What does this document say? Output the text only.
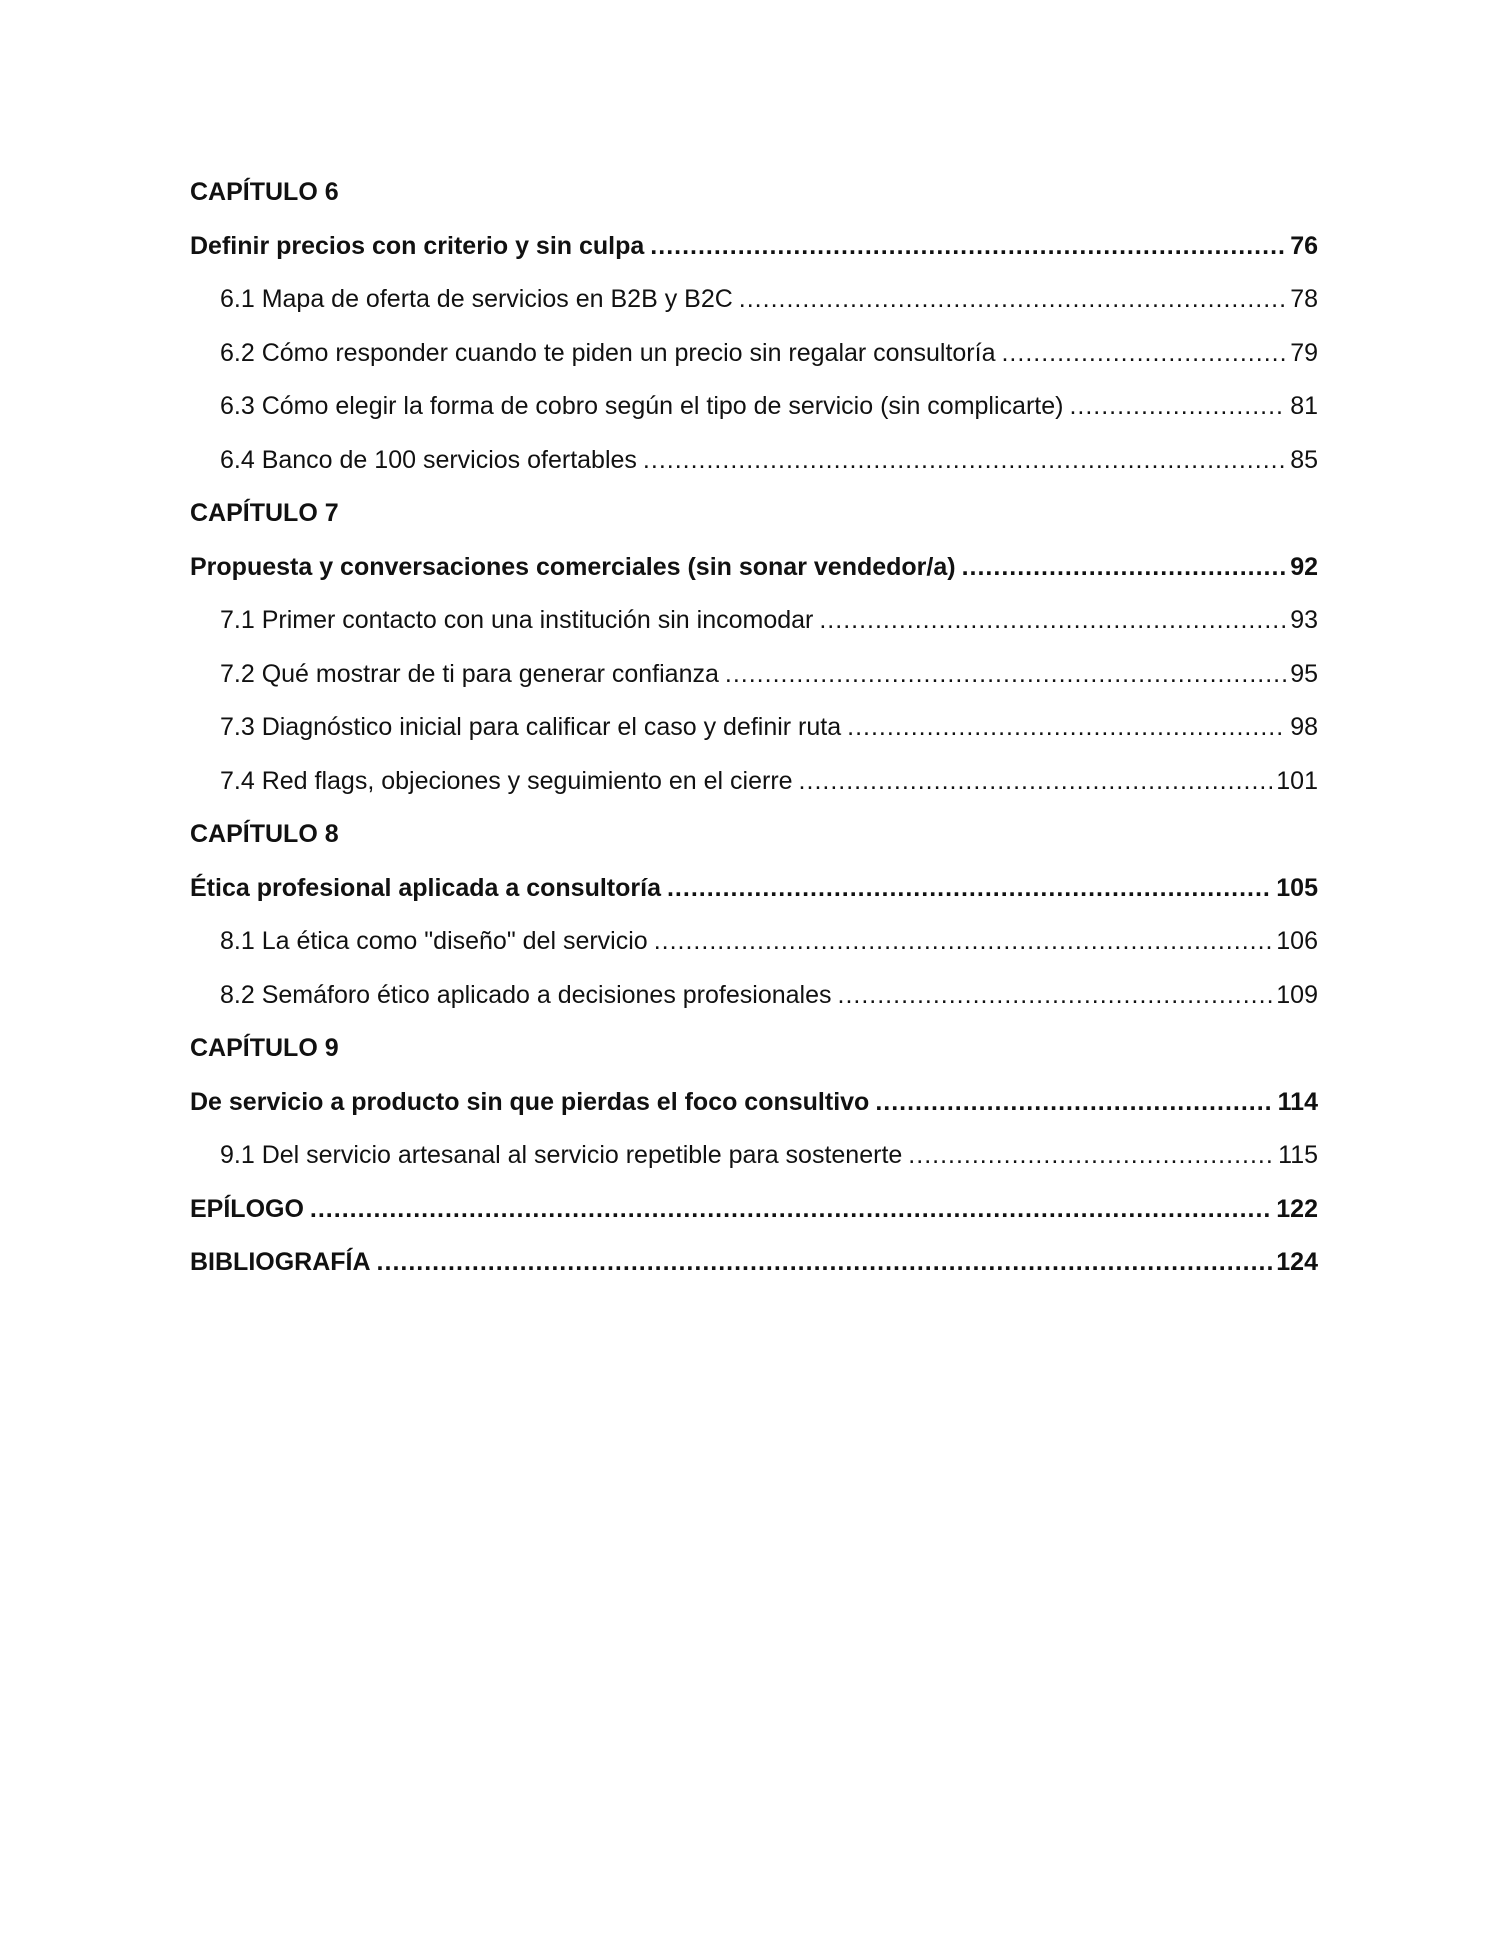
CAPÍTULO 6
Definir precios con criterio y sin culpa .....	76
6.1 Mapa de oferta de servicios en B2B y B2C .....	78
6.2 Cómo responder cuando te piden un precio sin regalar consultoría .....	79
6.3 Cómo elegir la forma de cobro según el tipo de servicio (sin complicarte) .....	81
6.4 Banco de 100 servicios ofertables .....	85
CAPÍTULO 7
Propuesta y conversaciones comerciales (sin sonar vendedor/a) .....	92
7.1 Primer contacto con una institución sin incomodar .....	93
7.2 Qué mostrar de ti para generar confianza .....	95
7.3 Diagnóstico inicial para calificar el caso y definir ruta .....	98
7.4 Red flags, objeciones y seguimiento en el cierre .....	101
CAPÍTULO 8
Ética profesional aplicada a consultoría .....	105
8.1 La ética como "diseño" del servicio .....	106
8.2 Semáforo ético aplicado a decisiones profesionales .....	109
CAPÍTULO 9
De servicio a producto sin que pierdas el foco consultivo .....	114
9.1 Del servicio artesanal al servicio repetible para sostenerte .....	115
EPÍLOGO .....	122
BIBLIOGRAFÍA .....	124
